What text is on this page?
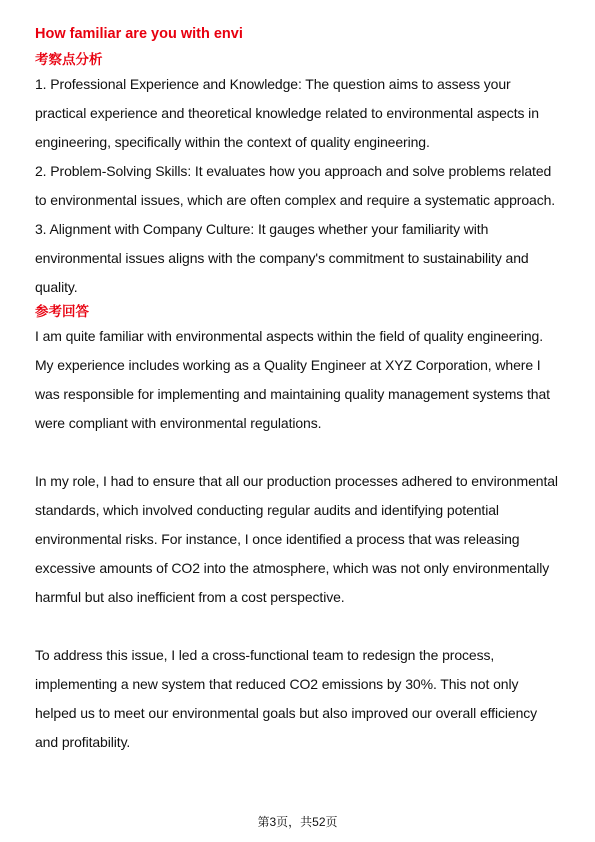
How familiar are you with envi
考察点分析
1. Professional Experience and Knowledge: The question aims to assess your practical experience and theoretical knowledge related to environmental aspects in engineering, specifically within the context of quality engineering.
2. Problem-Solving Skills: It evaluates how you approach and solve problems related to environmental issues, which are often complex and require a systematic approach.
3. Alignment with Company Culture: It gauges whether your familiarity with environmental issues aligns with the company's commitment to sustainability and quality.
参考回答

I am quite familiar with environmental aspects within the field of quality engineering. My experience includes working as a Quality Engineer at XYZ Corporation, where I was responsible for implementing and maintaining quality management systems that were compliant with environmental regulations.

In my role, I had to ensure that all our production processes adhered to environmental standards, which involved conducting regular audits and identifying potential environmental risks. For instance, I once identified a process that was releasing excessive amounts of CO2 into the atmosphere, which was not only environmentally harmful but also inefficient from a cost perspective.

To address this issue, I led a cross-functional team to redesign the process, implementing a new system that reduced CO2 emissions by 30%. This not only helped us to meet our environmental goals but also improved our overall efficiency and profitability.

第3页，共52页
